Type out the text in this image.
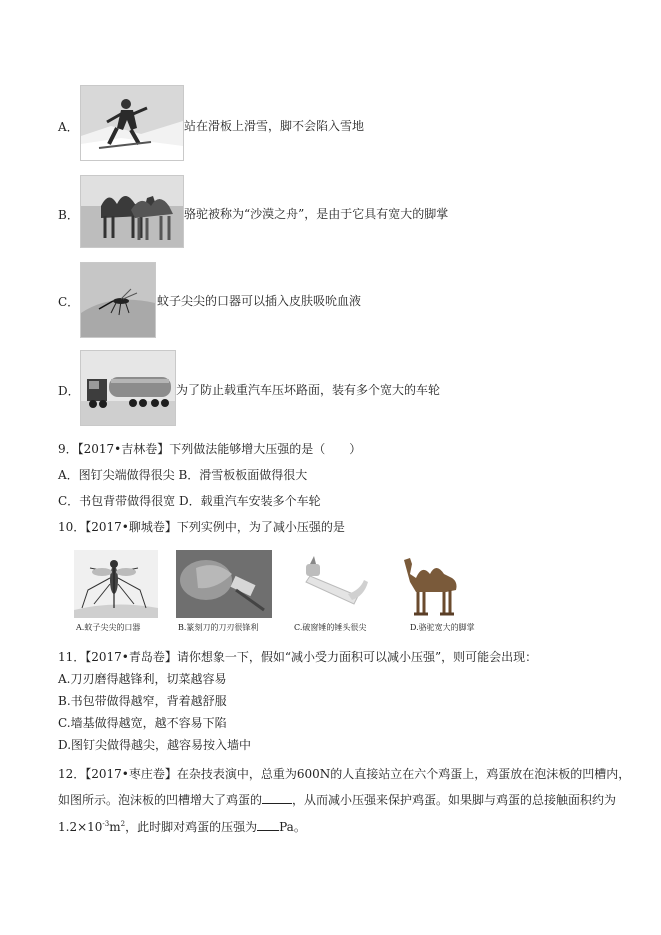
A．	站在滑板上滑雪，脚不会陷入雪地
B．	骆驼被称为“沙漠之舟”，是由于它具有宽大的脚掌
C．	蚊子尖尖的口器可以插入皮肤吸吮血液
D．	为了防止载重汽车压坏路面，装有多个宽大的车轮
9．【2017•吉林卷】下列做法能够增大压强的是（　　）
A．图钉尖端做得很尖 B．滑雪板板面做得很大
C．书包背带做得很宽 D．载重汽车安装多个车轮
10．【2017•聊城卷】下列实例中，为了减小压强的是
A.蚊子尖尖的口器	B.篆刻刀的刀刃很锋利	C.破窗锤的锤头很尖	D.骆驼宽大的脚掌
11．【2017•青岛卷】请你想象一下，假如“减小受力面积可以减小压强”，则可能会出现：
A.刀刃磨得越锋利，切菜越容易
B.书包带做得越窄，背着越舒服
C.墙基做得越宽，越不容易下陷
D.图钉尖做得越尖，越容易按入墙中
12．【2017•枣庄卷】在杂技表演中，总重为600N的人直接站立在六个鸡蛋上，鸡蛋放在泡沫板的凹槽内，
如图所示。泡沫板的凹槽增大了鸡蛋的	，从而减小压强来保护鸡蛋。如果脚与鸡蛋的总接触面积约为
$1.2\times 10^{-3}m^2$，此时脚对鸡蛋的压强为 Pa。
